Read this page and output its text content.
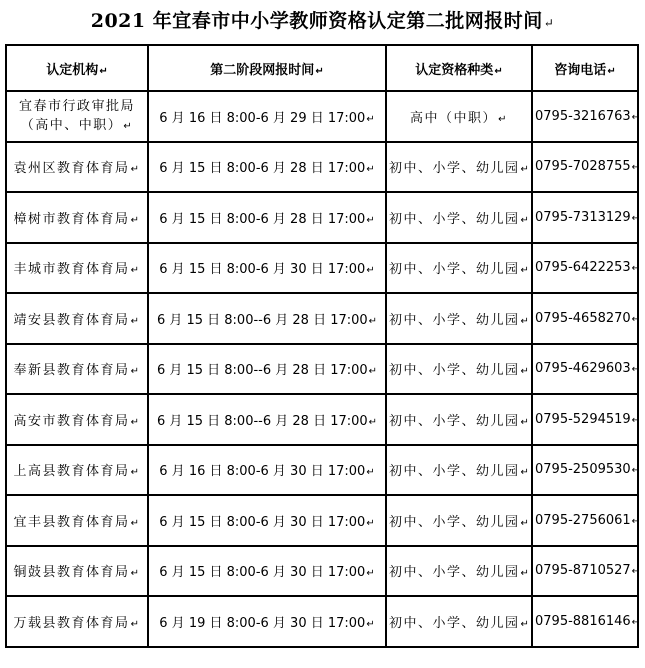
2021 年宜春市中小学教师资格认定第二批网报时间↵
认定机构↵	第二阶段网报时间↵	认定资格种类↵	咨询电话↵
宜春市行政审批局（高中、中职）↵	6 月 16 日 8:00-6 月 29 日 17:00↵	高中（中职）↵	0795-3216763↵
袁州区教育体育局↵	6 月 15 日 8:00-6 月 28 日 17:00↵	初中、小学、幼儿园↵	0795-7028755↵
樟树市教育体育局↵	6 月 15 日 8:00-6 月 28 日 17:00↵	初中、小学、幼儿园↵	0795-7313129↵
丰城市教育体育局↵	6 月 15 日 8:00-6 月 30 日 17:00↵	初中、小学、幼儿园↵	0795-6422253↵
靖安县教育体育局↵	6 月 15 日 8:00--6 月 28 日 17:00↵	初中、小学、幼儿园↵	0795-4658270↵
奉新县教育体育局↵	6 月 15 日 8:00--6 月 28 日 17:00↵	初中、小学、幼儿园↵	0795-4629603↵
高安市教育体育局↵	6 月 15 日 8:00--6 月 28 日 17:00↵	初中、小学、幼儿园↵	0795-5294519↵
上高县教育体育局↵	6 月 16 日 8:00-6 月 30 日 17:00↵	初中、小学、幼儿园↵	0795-2509530↵
宜丰县教育体育局↵	6 月 15 日 8:00-6 月 30 日 17:00↵	初中、小学、幼儿园↵	0795-2756061↵
铜鼓县教育体育局↵	6 月 15 日 8:00-6 月 30 日 17:00↵	初中、小学、幼儿园↵	0795-8710527↵
万载县教育体育局↵	6 月 19 日 8:00-6 月 30 日 17:00↵	初中、小学、幼儿园↵	0795-8816146↵
